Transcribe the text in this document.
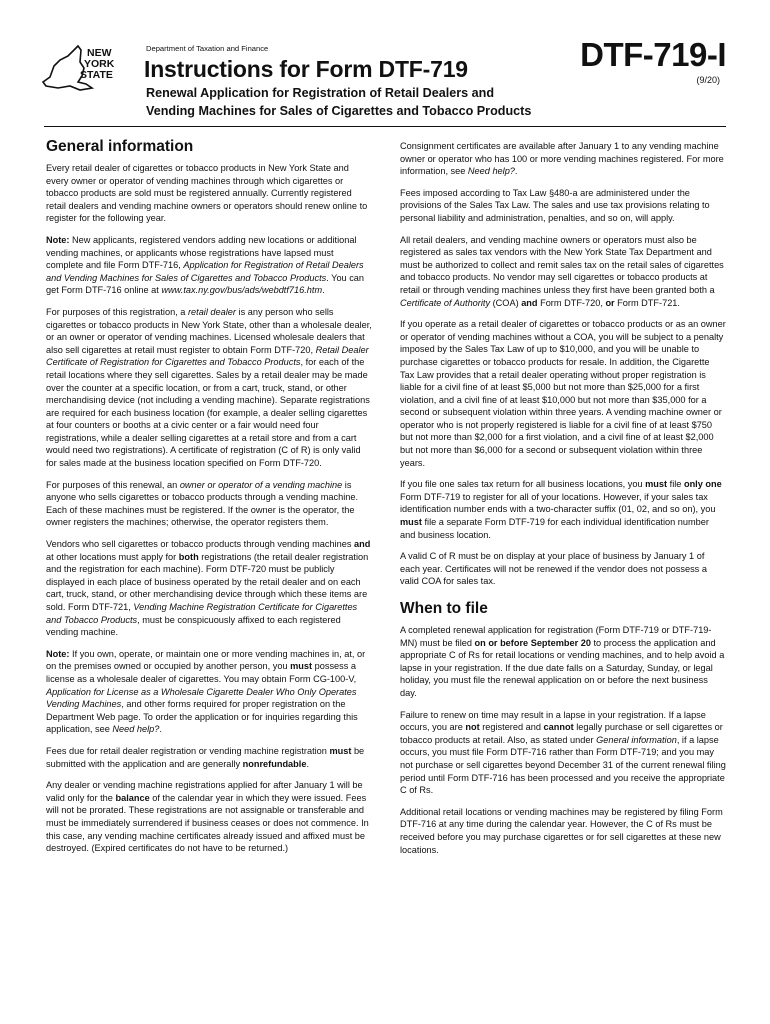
NEW
YORK
STATE
Department of Taxation and Finance
Instructions for Form DTF-719
Renewal Application for Registration of Retail Dealers and
Vending Machines for Sales of Cigarettes and Tobacco Products
DTF-719-I
(9/20)
General information

Every retail dealer of cigarettes or tobacco products in New York State and every owner or operator of vending machines through which cigarettes or tobacco products are sold must be registered annually. Currently registered retail dealers and vending machine owners or operators should renew online to register for the following year.

Note: New applicants, registered vendors adding new locations or additional vending machines, or applicants whose registrations have lapsed must complete and file Form DTF-716, Application for Registration of Retail Dealers and Vending Machines for Sales of Cigarettes and Tobacco Products. You can get Form DTF-716 online at www.tax.ny.gov/bus/ads/webdtf716.htm.

For purposes of this registration, a retail dealer is any person who sells cigarettes or tobacco products in New York State, other than a wholesale dealer, or an owner or operator of vending machines. Licensed wholesale dealers that also sell cigarettes at retail must register to obtain Form DTF-720, Retail Dealer Certificate of Registration for Cigarettes and Tobacco Products, for each of the retail locations where they sell cigarettes. Sales by a retail dealer may be made over the counter at a specific location, or from a cart, truck, stand, or other merchandising device (not including a vending machine). Separate registrations are required for each business location (for example, a dealer selling cigarettes at four counters or booths at a civic center or a fair would need four registrations, while a dealer selling cigarettes at a retail store and from a cart would need two registrations). A certificate of registration (C of R) is only valid for sales made at the business location specified on Form DTF-720.

For purposes of this renewal, an owner or operator of a vending machine is anyone who sells cigarettes or tobacco products through a vending machine. Each of these machines must be registered. If the owner is the operator, the owner registers the machines; otherwise, the operator registers them.

Vendors who sell cigarettes or tobacco products through vending machines and at other locations must apply for both registrations (the retail dealer registration and the registration for each machine). Form DTF-720 must be publicly displayed in each place of business operated by the retail dealer and on each cart, truck, stand, or other merchandising device through which these items are sold. Form DTF-721, Vending Machine Registration Certificate for Cigarettes and Tobacco Products, must be conspicuously affixed to each registered vending machine.

Note: If you own, operate, or maintain one or more vending machines in, at, or on the premises owned or occupied by another person, you must possess a license as a wholesale dealer of cigarettes. You may obtain Form CG-100-V, Application for License as a Wholesale Cigarette Dealer Who Only Operates Vending Machines, and other forms required for proper registration on the Department Web page. To order the application or for inquiries regarding this application, see Need help?.

Fees due for retail dealer registration or vending machine registration must be submitted with the application and are generally nonrefundable.

Any dealer or vending machine registrations applied for after January 1 will be valid only for the balance of the calendar year in which they were issued. Fees will not be prorated. These registrations are not assignable or transferable and must be immediately surrendered if business ceases or does not commence. In this case, any vending machine certificates already issued and affixed must be destroyed. (Expired certificates do not have to be returned.)

Consignment certificates are available after January 1 to any vending machine owner or operator who has 100 or more vending machines registered. For more information, see Need help?.

Fees imposed according to Tax Law §480-a are administered under the provisions of the Sales Tax Law. The sales and use tax provisions relating to personal liability and administration, penalties, and so on, will apply.

All retail dealers, and vending machine owners or operators must also be registered as sales tax vendors with the New York State Tax Department and must be authorized to collect and remit sales tax on the retail sales of cigarettes and tobacco products. No vendor may sell cigarettes or tobacco products at retail or through vending machines unless they first have been granted both a Certificate of Authority (COA) and Form DTF-720, or Form DTF-721.

If you operate as a retail dealer of cigarettes or tobacco products or as an owner or operator of vending machines without a COA, you will be subject to a penalty imposed by the Sales Tax Law of up to $10,000, and you will be unable to purchase cigarettes or tobacco products for resale. In addition, the Cigarette Tax Law provides that a retail dealer operating without proper registration is liable for a civil fine of at least $5,000 but not more than $25,000 for a first violation, and a civil fine of at least $10,000 but not more than $35,000 for a second or subsequent violation within three years. A vending machine owner or operator who is not properly registered is liable for a civil fine of at least $750 but not more than $2,000 for a first violation, and a civil fine of at least $2,000 but not more than $6,000 for a second or subsequent violation within three years.

If you file one sales tax return for all business locations, you must file only one Form DTF-719 to register for all of your locations. However, if your sales tax identification number ends with a two-character suffix (01, 02, and so on), you must file a separate Form DTF-719 for each individual identification number and business location.

A valid C of R must be on display at your place of business by January 1 of each year. Certificates will not be renewed if the vendor does not possess a valid COA for sales tax.

When to file

A completed renewal application for registration (Form DTF-719 or DTF-719-MN) must be filed on or before September 20 to process the application and appropriate C of Rs for retail locations or vending machines, and to help avoid a lapse in your registration. If the due date falls on a Saturday, Sunday, or legal holiday, you must file the renewal application on or before the next business day.

Failure to renew on time may result in a lapse in your registration. If a lapse occurs, you are not registered and cannot legally purchase or sell cigarettes or tobacco products at retail. Also, as stated under General information, if a lapse occurs, you must file Form DTF-716 rather than Form DTF-719; and you may not purchase or sell cigarettes beyond December 31 of the current renewal filing period until Form DTF-716 has been processed and you receive the appropriate C of Rs.

Additional retail locations or vending machines may be registered by filing Form DTF-716 at any time during the calendar year. However, the C of Rs must be received before you may purchase cigarettes or for sell cigarettes at these new locations.
